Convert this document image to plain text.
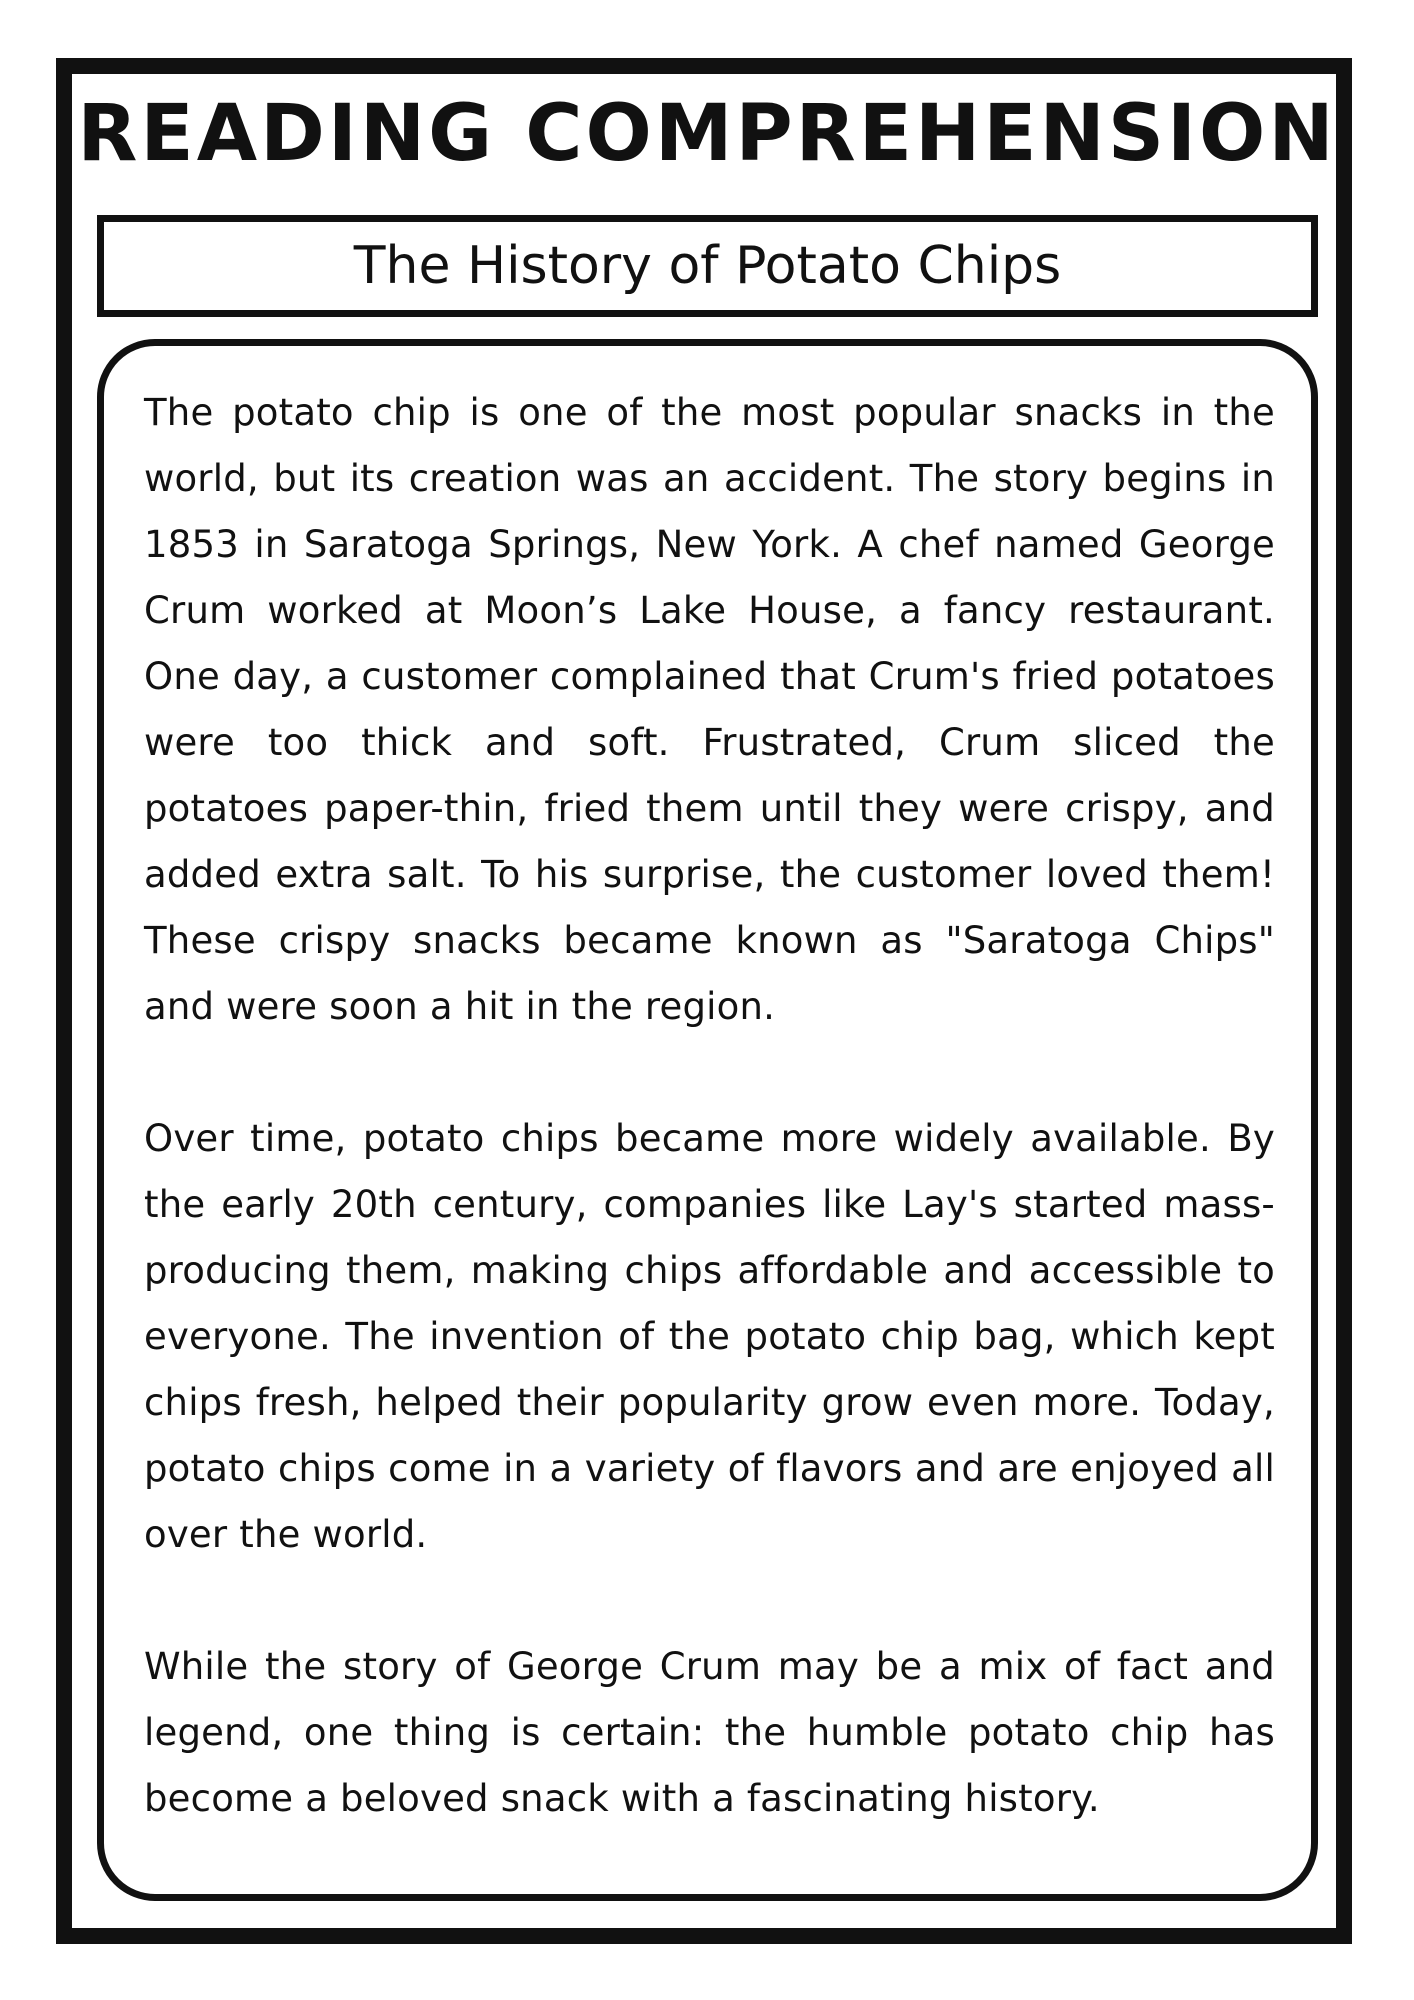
READING COMPREHENSION
The History of Potato Chips

The potato chip is one of the most popular snacks in the world, but its creation was an accident. The story begins in 1853 in Saratoga Springs, New York. A chef named George Crum worked at Moon’s Lake House, a fancy restaurant. One day, a customer complained that Crum's fried potatoes were too thick and soft. Frustrated, Crum sliced the potatoes paper-thin, fried them until they were crispy, and added extra salt. To his surprise, the customer loved them! These crispy snacks became known as "Saratoga Chips" and were soon a hit in the region.

Over time, potato chips became more widely available. By the early 20th century, companies like Lay's started mass-producing them, making chips affordable and accessible to everyone. The invention of the potato chip bag, which kept chips fresh, helped their popularity grow even more. Today, potato chips come in a variety of flavors and are enjoyed all over the world.

While the story of George Crum may be a mix of fact and legend, one thing is certain: the humble potato chip has become a beloved snack with a fascinating history.
